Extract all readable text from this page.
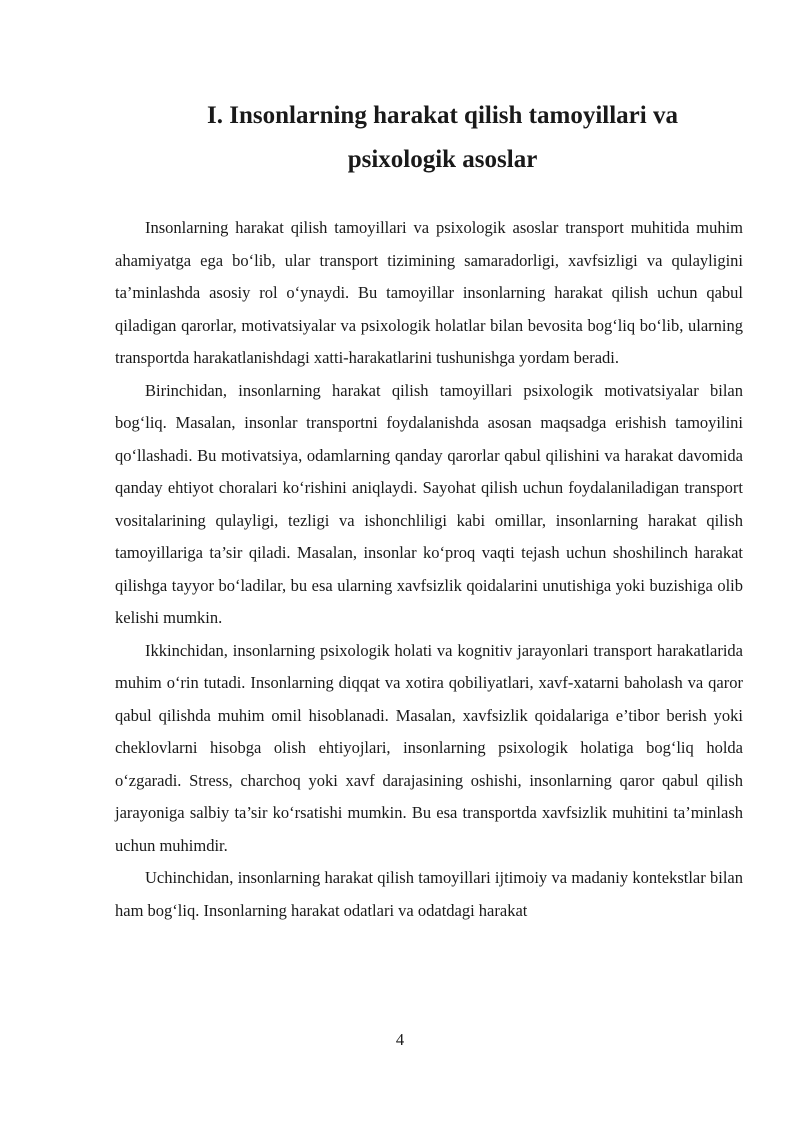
I. Insonlarning harakat qilish tamoyillari va
psixologik asoslar

Insonlarning harakat qilish tamoyillari va psixologik asoslar transport muhitida muhim ahamiyatga ega bo‘lib, ular transport tizimining samaradorligi, xavfsizligi va qulayligini ta’minlashda asosiy rol o‘ynaydi. Bu tamoyillar insonlarning harakat qilish uchun qabul qiladigan qarorlar, motivatsiyalar va psixologik holatlar bilan bevosita bog‘liq bo‘lib, ularning transportda harakatlanishdagi xatti-harakatlarini tushunishga yordam beradi.

Birinchidan, insonlarning harakat qilish tamoyillari psixologik motivatsiyalar bilan bog‘liq. Masalan, insonlar transportni foydalanishda asosan maqsadga erishish tamoyilini qo‘llashadi. Bu motivatsiya, odamlarning qanday qarorlar qabul qilishini va harakat davomida qanday ehtiyot choralari ko‘rishini aniqlaydi. Sayohat qilish uchun foydalaniladigan transport vositalarining qulayligi, tezligi va ishonchliligi kabi omillar, insonlarning harakat qilish tamoyillariga ta’sir qiladi. Masalan, insonlar ko‘proq vaqti tejash uchun shoshilinch harakat qilishga tayyor bo‘ladilar, bu esa ularning xavfsizlik qoidalarini unutishiga yoki buzishiga olib kelishi mumkin.

Ikkinchidan, insonlarning psixologik holati va kognitiv jarayonlari transport harakatlarida muhim o‘rin tutadi. Insonlarning diqqat va xotira qobiliyatlari, xavf-xatarni baholash va qaror qabul qilishda muhim omil hisoblanadi. Masalan, xavfsizlik qoidalariga e’tibor berish yoki cheklovlarni hisobga olish ehtiyojlari, insonlarning psixologik holatiga bog‘liq holda o‘zgaradi. Stress, charchoq yoki xavf darajasining oshishi, insonlarning qaror qabul qilish jarayoniga salbiy ta’sir ko‘rsatishi mumkin. Bu esa transportda xavfsizlik muhitini ta’minlash uchun muhimdir.

Uchinchidan, insonlarning harakat qilish tamoyillari ijtimoiy va madaniy kontekstlar bilan ham bog‘liq. Insonlarning harakat odatlari va odatdagi harakat

4
